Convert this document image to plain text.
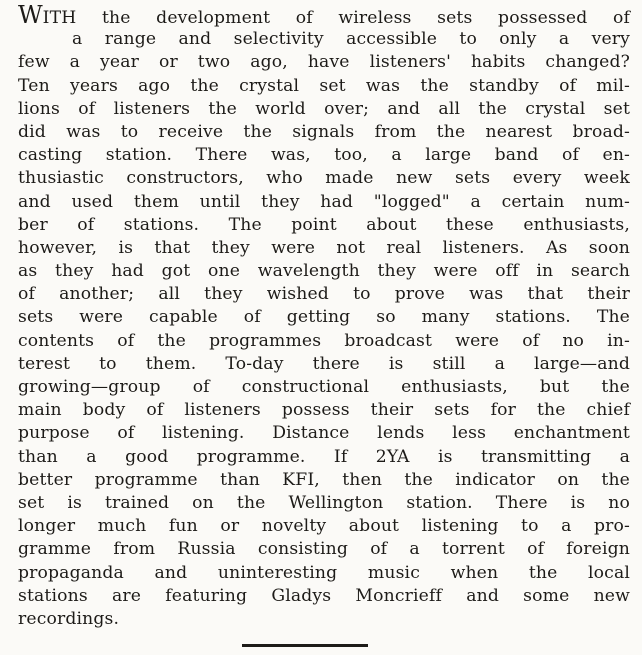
WITH the development of wireless sets possessed of
a range and selectivity accessible to only a very
few a year or two ago, have listeners' habits changed?
Ten years ago the crystal set was the standby of mil-
lions of listeners the world over; and all the crystal set
did was to receive the signals from the nearest broad-
casting station. There was, too, a large band of en-
thusiastic constructors, who made new sets every week
and used them until they had "logged" a certain num-
ber of stations. The point about these enthusiasts,
however, is that they were not real listeners. As soon
as they had got one wavelength they were off in search
of another; all they wished to prove was that their
sets were capable of getting so many stations. The
contents of the programmes broadcast were of no in-
terest to them. To-day there is still a large—and
growing—group of constructional enthusiasts, but the
main body of listeners possess their sets for the chief
purpose of listening. Distance lends less enchantment
than a good programme. If 2YA is transmitting a
better programme than KFI, then the indicator on the
set is trained on the Wellington station. There is no
longer much fun or novelty about listening to a pro-
gramme from Russia consisting of a torrent of foreign
propaganda and uninteresting music when the local
stations are featuring Gladys Moncrieff and some new
recordings.
